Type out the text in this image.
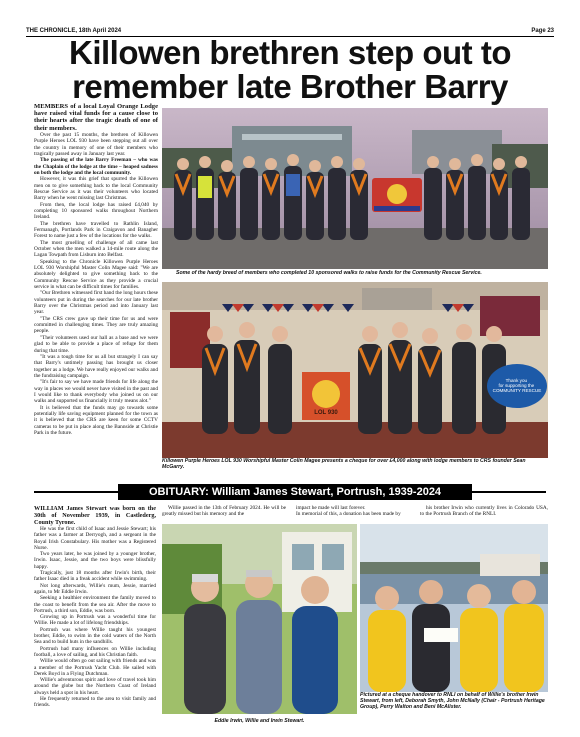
THE CHRONICLE, 18th April 2024	Page 23
Killowen brethren step out to
remember late Brother Barry

MEMBERS of a local Loyal Orange Lodge have raised vital funds for a cause close to their hearts after the tragic death of one of their members.

Over the past 15 months, the brethren of Killowen Purple Heroes LOL 930 have been stepping out all over the country in memory of one of their members who tragically passed away in January last year.

The passing of the late Barry Freeman – who was the Chaplain of the lodge at the time – heaped sadness on both the lodge and the local community.

However, it was this grief that spurred the Killowen men on to give something back to the local Community Rescue Service as it was their volunteers who located Barry when he went missing last Christmas.

From then, the local lodge has raised £4,040 by completing 10 sponsored walks throughout Northern Ireland.

The brethren have travelled to Rathlin Island, Fermanagh, Portlands Park in Craigavon and Banagher Forest to name just a few of the locations for the walks.

The most gruelling of challenge of all came last October when the men walked a 14-mile route along the Lagan Towpath from Lisburn into Belfast.

Speaking to the Chronicle Killowen Purple Heroes LOL 930 Worshipful Master Colin Magee said: "We are absolutely delighted to give something back to the Community Rescue Service as they provide a crucial service in what can be difficult times for families.

"Our Brethren witnessed first hand the long hours these volunteers put in during the searches for our late brother Barry over the Christmas period and into January last year.

"The CRS crew gave up their time for us and were committed in challenging times. They are truly amazing people.

"Their volunteers used our hall as a base and we were glad to be able to provide a place of refuge for them during that time.

"It was a tough time for us all but strangely I can say that Barry's untimely passing has brought us closer together as a lodge. We have really enjoyed our walks and the fundraising campaign.

"It's fair to say we have made friends for life along the way in places we would never have visited in the past and I would like to thank everybody who joined us on our walks and supported us financially it truly means alot."

It is believed that the funds may go towards some potentially life saving equipment planned for the town as it is believed that the CRS are keen for some CCTV cameras to be put in place along the Bannside at Christie Park in the future.

Some of the hardy breed of members who completed 10 sponsored walks to raise funds for the Community Rescue Service.
LOL 930
Thank you for supporting the COMMUNITY RESCUE
Killowen Purple Heroes LOL 930 Worshipful Master Colin Magee presents a cheque for over £4,000 along with lodge members to CRS founder Sean McGarry.
OBITUARY: William James Stewart, Portrush, 1939-2024

WILLIAM James Stewart was born on the 30th of November 1939, in Castlederg, County Tyrone.

He was the first child of Isaac and Jessie Stewart; his father was a farmer at Derryogh, and a sergeant in the Royal Irish Constabulary. His mother was a Registered Nurse.

Two years later, he was joined by a younger brother, Irwin. Isaac, Jessie, and the two boys were blissfully happy.

Tragically, just 18 months after Irwin's birth, their father Isaac died in a freak accident while swimming.

Not long afterwards, Willie's mum, Jessie, married again, to Mr Eddie Irwin.

Seeking a healthier environment the family moved to the coast to benefit from the sea air. After the move to Portrush, a third son, Eddie, was born.

Growing up in Portrush was a wonderful time for Willie. He made a lot of lifelong friendships.

Portrush was where Willie taught his youngest brother, Eddie, to swim in the cold waters of the North Sea and to build huts in the sandhills.

Portrush had many influences on Willie including football, a love of sailing, and his Christian faith.

Willie would often go out sailing with friends and was a member of the Portrush Yacht Club. He sailed with Derek Boyd in a Flying Dutchman.

Willie's adventurous spirit and love of travel took him around the globe but the Northern Coast of Ireland always held a spot in his heart.

He frequently returned to the area to visit family and friends.

Willie passed in the 13th of February 2024. He will be greatly missed but his memory and the

impact he made will last forever.

In memorial of this, a donation has been made by

his brother Irwin who currently lives in Colorado USA, to the Portrush Branch of the RNLI.

Eddie Irwin, Willie and Irwin Stewart.
Pictured at a cheque handover to RNLI on behalf of Willie's brother Irwin Stewart, from left, Deborah Smyth, John McNally (Chair - Portrush Heritage Group), Perry Walton and Beni McAlister.
